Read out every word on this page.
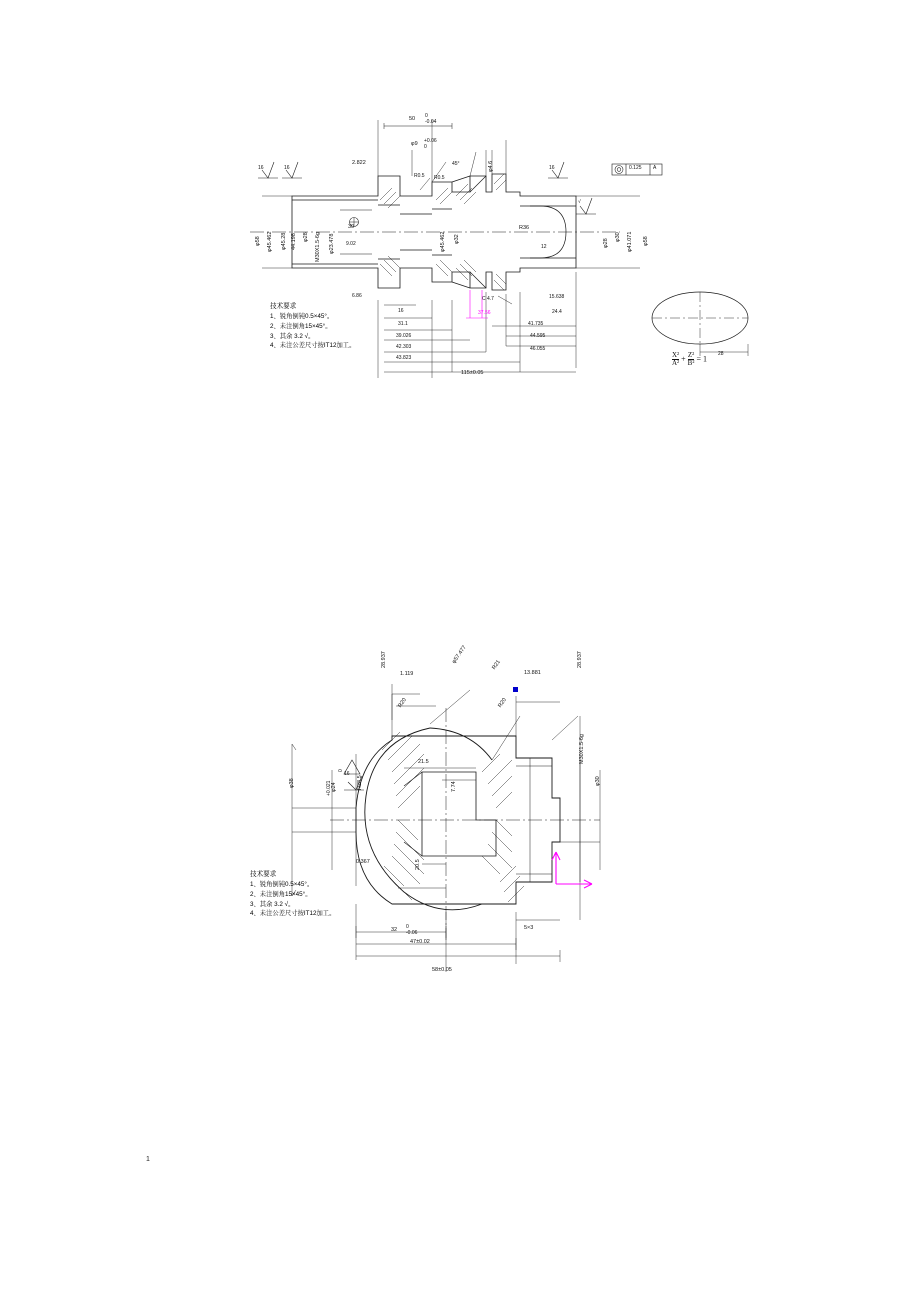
50 0
-0.04
φ9 +0.06
0
φ4.6
2.822	45°
R0.5 R0.5
16	16	16
√
0.125 A
φ58 φ45.462 φ45.28 44.198 φ28 M30X1.5-6g φ23.478
30
9.02	φ45.462 φ32
R36
12	φ28
φ30 φ41.071 φ58
6.86
16
31.1
39.026
42.303
43.823
C 4.7
37.56
15.638
24.4
41.735
44.595
46.055
115±0.05
28
$\frac{\text{X²}}{\text{A²}} + \frac{\text{Z²}}{\text{B²}} = 1$
技术要求
1、锐角倒钝0.5×45°。
2、未注倒角15×45°。
3、其余 3.2 √。
4、未注公差尺寸按IT12加工。
φ57.477
R21
1.119
28.937
13.881
28.937
R20	R20
φ38	φ24
+0.021
0
R28.5
16
21.5
7.74
0.367	20.5
M30X1.5-6g
φ30
32 0
-0.06
5×3
47±0.02
58±0.05
技术要求
1、锐角倒钝0.5×45°。
2、未注倒角15×45°。
3、其余 3.2 √。
4、未注公差尺寸按IT12加工。
1
